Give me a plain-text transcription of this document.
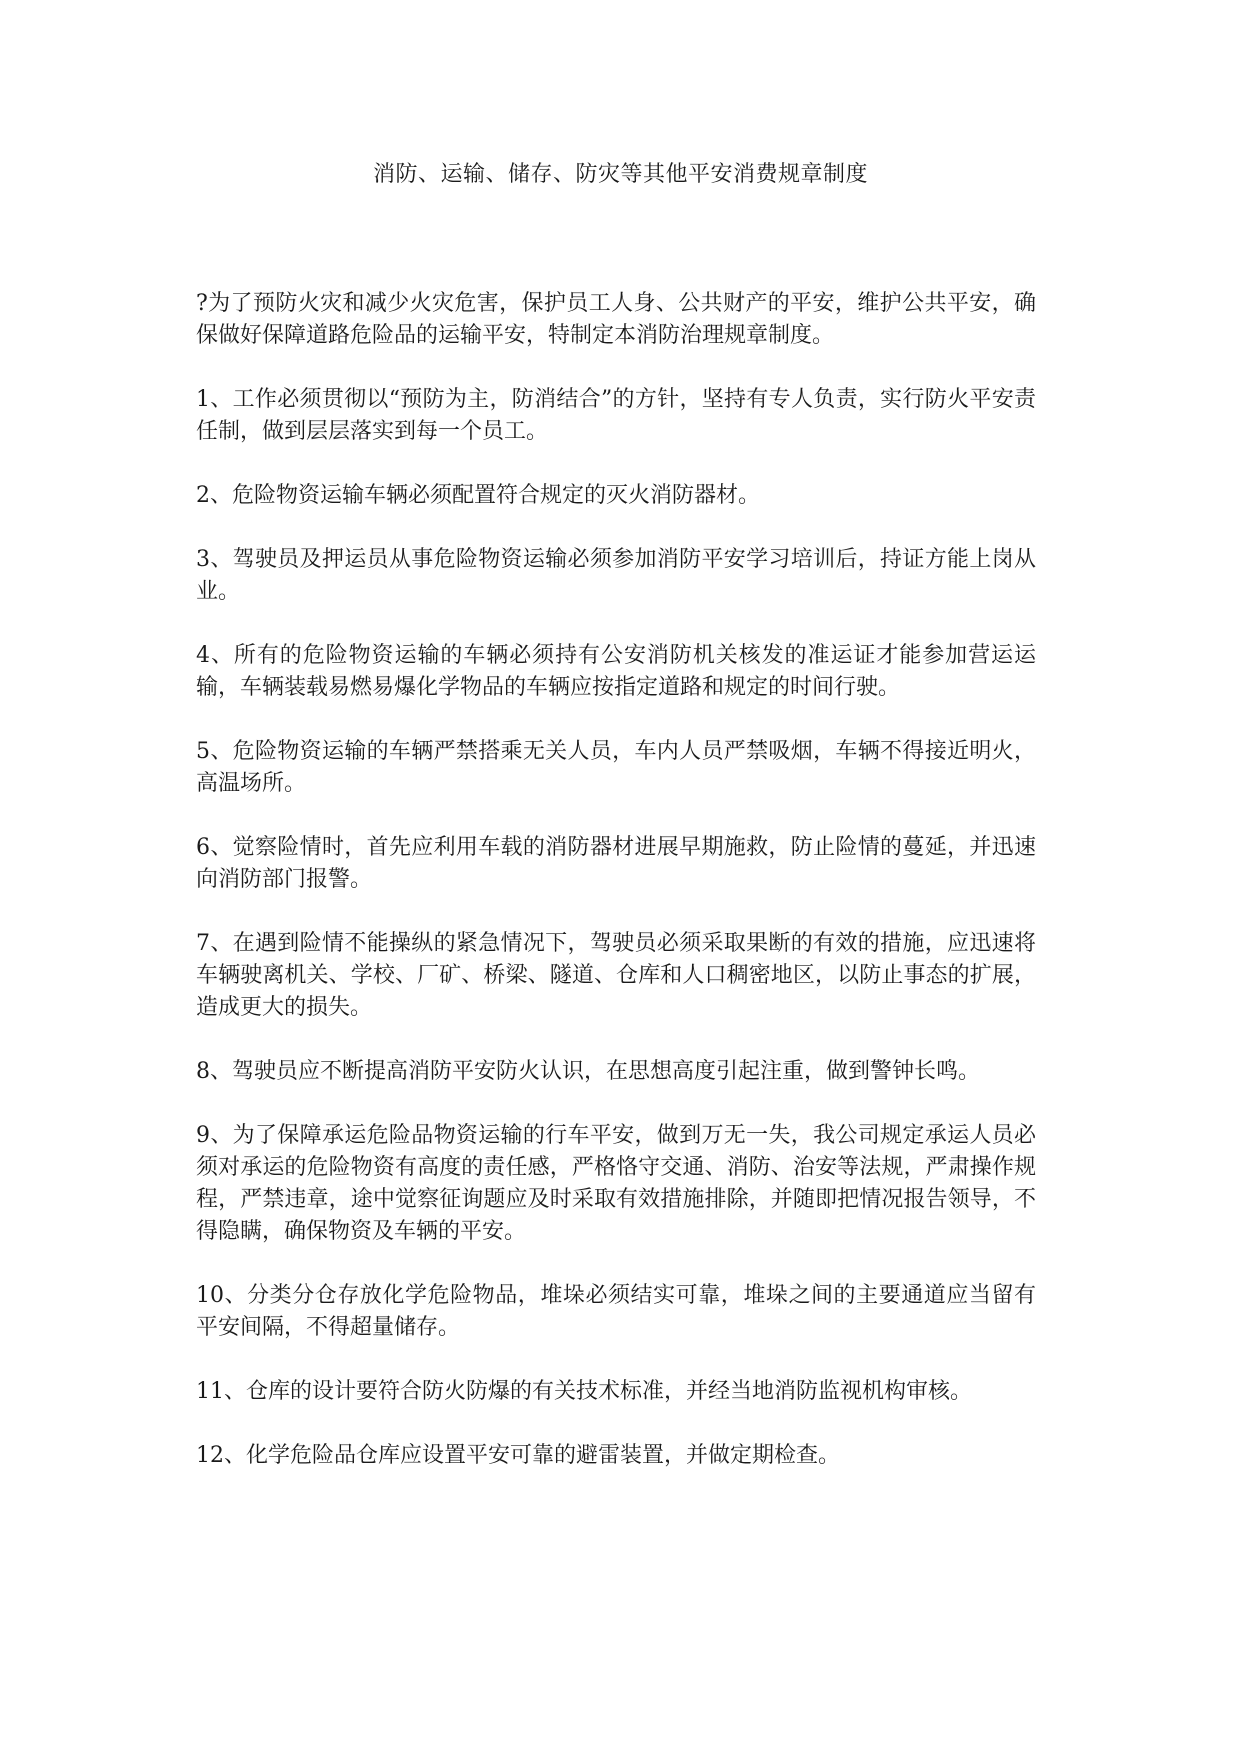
消防、运输、储存、防灾等其他平安消费规章制度

?为了预防火灾和减少火灾危害，保护员工人身、公共财产的平安，维护公共平安，确保做好保障道路危险品的运输平安，特制定本消防治理规章制度。

1、工作必须贯彻以“预防为主，防消结合”的方针，坚持有专人负责，实行防火平安责任制，做到层层落实到每一个员工。

2、危险物资运输车辆必须配置符合规定的灭火消防器材。

3、驾驶员及押运员从事危险物资运输必须参加消防平安学习培训后，持证方能上岗从业。

4、所有的危险物资运输的车辆必须持有公安消防机关核发的准运证才能参加营运运输，车辆装载易燃易爆化学物品的车辆应按指定道路和规定的时间行驶。

5、危险物资运输的车辆严禁搭乘无关人员，车内人员严禁吸烟，车辆不得接近明火，高温场所。

6、觉察险情时，首先应利用车载的消防器材进展早期施救，防止险情的蔓延，并迅速向消防部门报警。

7、在遇到险情不能操纵的紧急情况下，驾驶员必须采取果断的有效的措施，应迅速将车辆驶离机关、学校、厂矿、桥梁、隧道、仓库和人口稠密地区，以防止事态的扩展，造成更大的损失。

8、驾驶员应不断提高消防平安防火认识，在思想高度引起注重，做到警钟长鸣。

9、为了保障承运危险品物资运输的行车平安，做到万无一失，我公司规定承运人员必须对承运的危险物资有高度的责任感，严格恪守交通、消防、治安等法规，严肃操作规程，严禁违章，途中觉察征询题应及时采取有效措施排除，并随即把情况报告领导，不得隐瞒，确保物资及车辆的平安。

10、分类分仓存放化学危险物品，堆垛必须结实可靠，堆垛之间的主要通道应当留有平安间隔，不得超量储存。

11、仓库的设计要符合防火防爆的有关技术标准，并经当地消防监视机构审核。

12、化学危险品仓库应设置平安可靠的避雷装置，并做定期检查。
